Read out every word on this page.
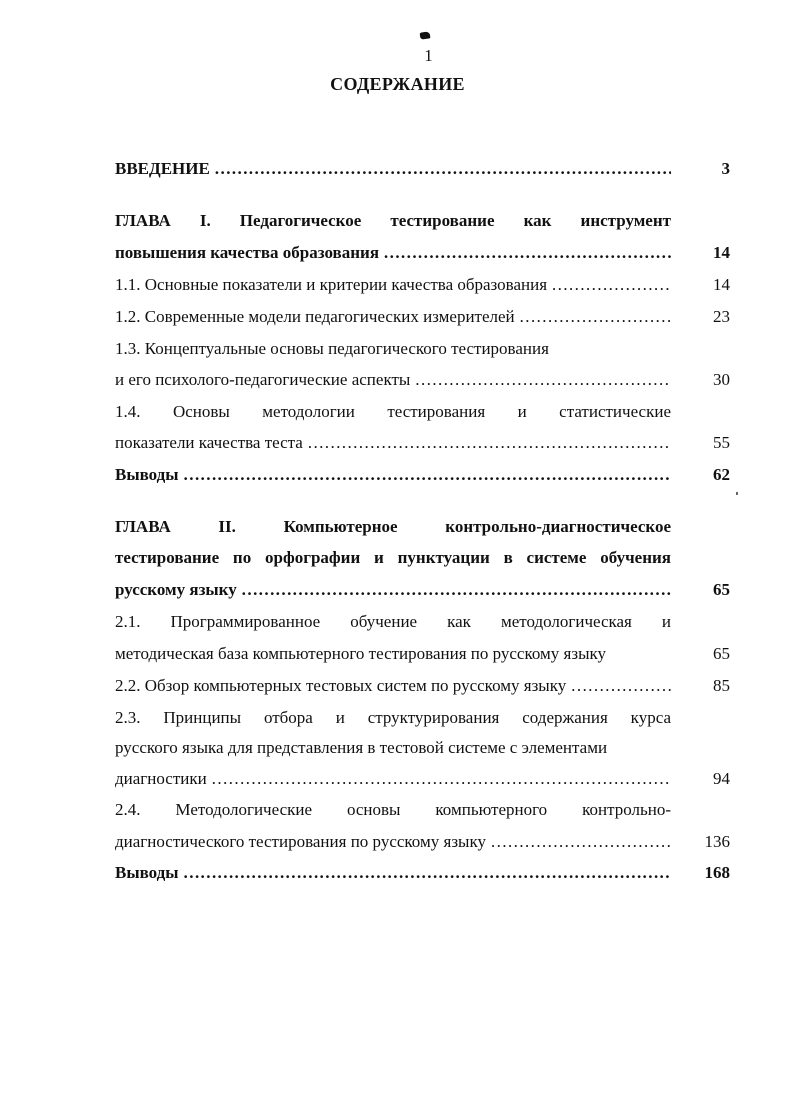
1
СОДЕРЖАНИЕ
ВВЕДЕНИЕ …………………………………………………………………………………………………………………………………………………………………………	3
ГЛАВА I. Педагогическое тестирование как инструмент
повышения качества образования …………………………………………………………………………………………………………………………………………………………………………	14
1.1. Основные показатели и критерии качества образования …………………………………………………………………………………………………………………………………………………………………………	14
1.2. Современные модели педагогических измерителей …………………………………………………………………………………………………………………………………………………………………………	23
1.3. Концептуальные основы педагогического тестирования
и его психолого-педагогические аспекты …………………………………………………………………………………………………………………………………………………………………………	30
1.4. Основы методологии тестирования и статистические
показатели качества теста …………………………………………………………………………………………………………………………………………………………………………	55
Выводы …………………………………………………………………………………………………………………………………………………………………………	62
ГЛАВА II. Компьютерное контрольно-диагностическое
тестирование по орфографии и пунктуации в системе обучения
русскому языку …………………………………………………………………………………………………………………………………………………………………………	65
2.1. Программированное обучение как методологическая и
методическая база компьютерного тестирования по русскому языку	65
2.2. Обзор компьютерных тестовых систем по русскому языку …………………………………………………………………………………………………………………………………………………………………………	85
2.3. Принципы отбора и структурирования содержания курса
русского языка для представления в тестовой системе с элементами
диагностики …………………………………………………………………………………………………………………………………………………………………………	94
2.4. Методологические основы компьютерного контрольно-
диагностического тестирования по русскому языку …………………………………………………………………………………………………………………………………………………………………………	136
Выводы …………………………………………………………………………………………………………………………………………………………………………	168
